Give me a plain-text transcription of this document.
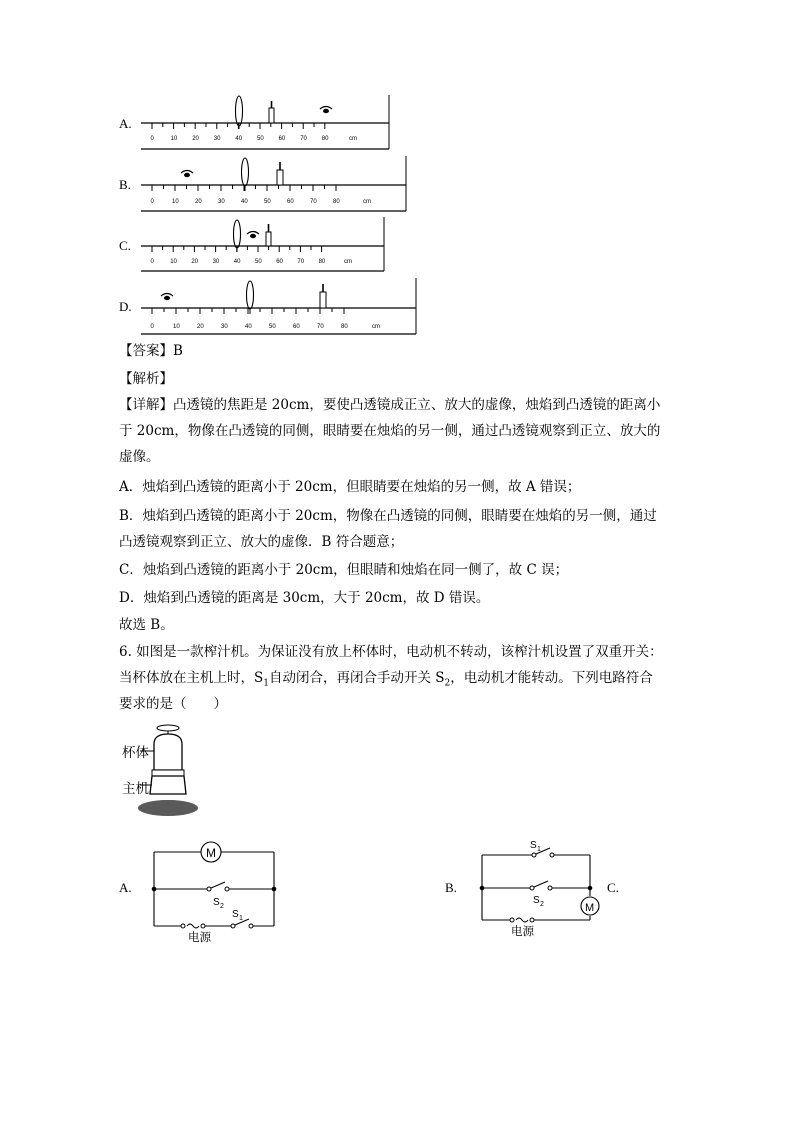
A.
0	10 20 30 40 50 60 70 80	cm
B.
0	10	20	30	40	50	60	70	80	cm
C.
0	10 20 30 40 50 60 70 80	cm
D.
0	10	20	30	40	50	60	70	80	cm
【答案】B
【解析】
【详解】凸透镜的焦距是 20cm，要使凸透镜成正立、放大的虚像，烛焰到凸透镜的距离小
于 20cm，物像在凸透镜的同侧，眼睛要在烛焰的另一侧，通过凸透镜观察到正立、放大的
虚像。
A．烛焰到凸透镜的距离小于 20cm，但眼睛要在烛焰的另一侧，故 A 错误；
B．烛焰到凸透镜的距离小于 20cm，物像在凸透镜的同侧，眼睛要在烛焰的另一侧，通过
凸透镜观察到正立、放大的虚像．B 符合题意；
C．烛焰到凸透镜的距离小于 20cm，但眼睛和烛焰在同一侧了，故 C 误；
D．烛焰到凸透镜的距离是 30cm，大于 20cm，故 D 错误。
故选 B。
6. 如图是一款榨汁机。为保证没有放上杯体时，电动机不转动，该榨汁机设置了双重开关：
当杯体放在主机上时，$S_1$自动闭合，再闭合手动开关 $S_2$，电动机才能转动。下列电路符合
要求的是（　　）
杯体
主机
A.
M
S 2
S 1
电源
B.
S 1
S 2	M
电源
C.
